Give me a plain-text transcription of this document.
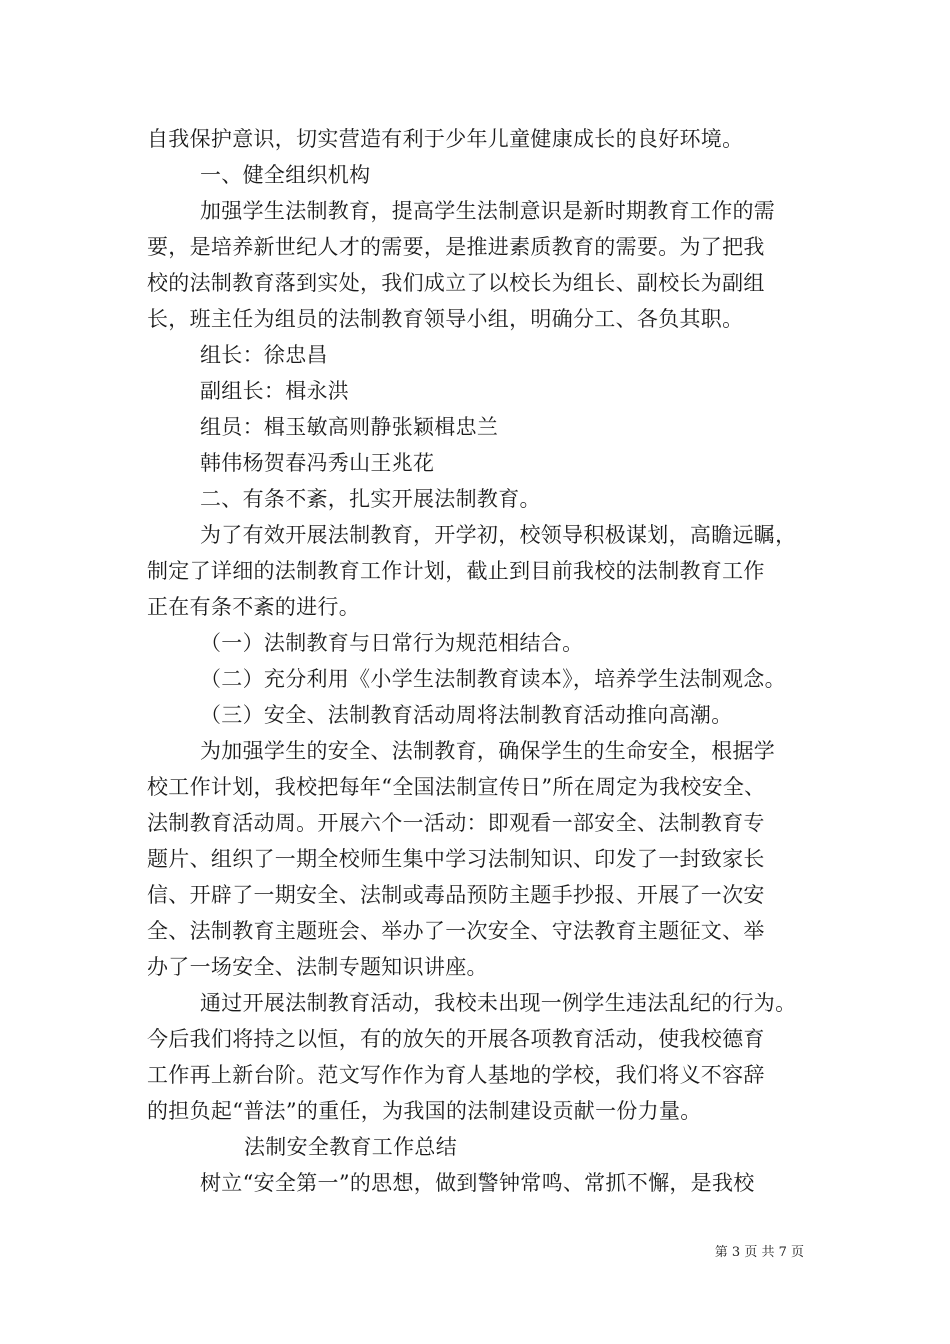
自我保护意识，切实营造有利于少年儿童健康成长的良好环境。
一、健全组织机构
加强学生法制教育，提高学生法制意识是新时期教育工作的需
要，是培养新世纪人才的需要，是推进素质教育的需要。为了把我
校的法制教育落到实处，我们成立了以校长为组长、副校长为副组
长，班主任为组员的法制教育领导小组，明确分工、各负其职。
组长：徐忠昌
副组长：楫永洪
组员：楫玉敏高则静张颖楫忠兰
韩伟杨贺春冯秀山王兆花
二、有条不紊，扎实开展法制教育。
为了有效开展法制教育，开学初，校领导积极谋划，高瞻远瞩，
制定了详细的法制教育工作计划，截止到目前我校的法制教育工作
正在有条不紊的进行。
（一）法制教育与日常行为规范相结合。
（二）充分利用《小学生法制教育读本》，培养学生法制观念。
（三）安全、法制教育活动周将法制教育活动推向高潮。
为加强学生的安全、法制教育，确保学生的生命安全，根据学
校工作计划，我校把每年“全国法制宣传日”所在周定为我校安全、
法制教育活动周。开展六个一活动：即观看一部安全、法制教育专
题片、组织了一期全校师生集中学习法制知识、印发了一封致家长
信、开辟了一期安全、法制或毒品预防主题手抄报、开展了一次安
全、法制教育主题班会、举办了一次安全、守法教育主题征文、举
办了一场安全、法制专题知识讲座。
通过开展法制教育活动，我校未出现一例学生违法乱纪的行为。
今后我们将持之以恒，有的放矢的开展各项教育活动，使我校德育
工作再上新台阶。范文写作作为育人基地的学校，我们将义不容辞
的担负起“普法”的重任，为我国的法制建设贡献一份力量。
法制安全教育工作总结
树立“安全第一”的思想，做到警钟常鸣、常抓不懈，是我校
第 3 页 共 7 页
